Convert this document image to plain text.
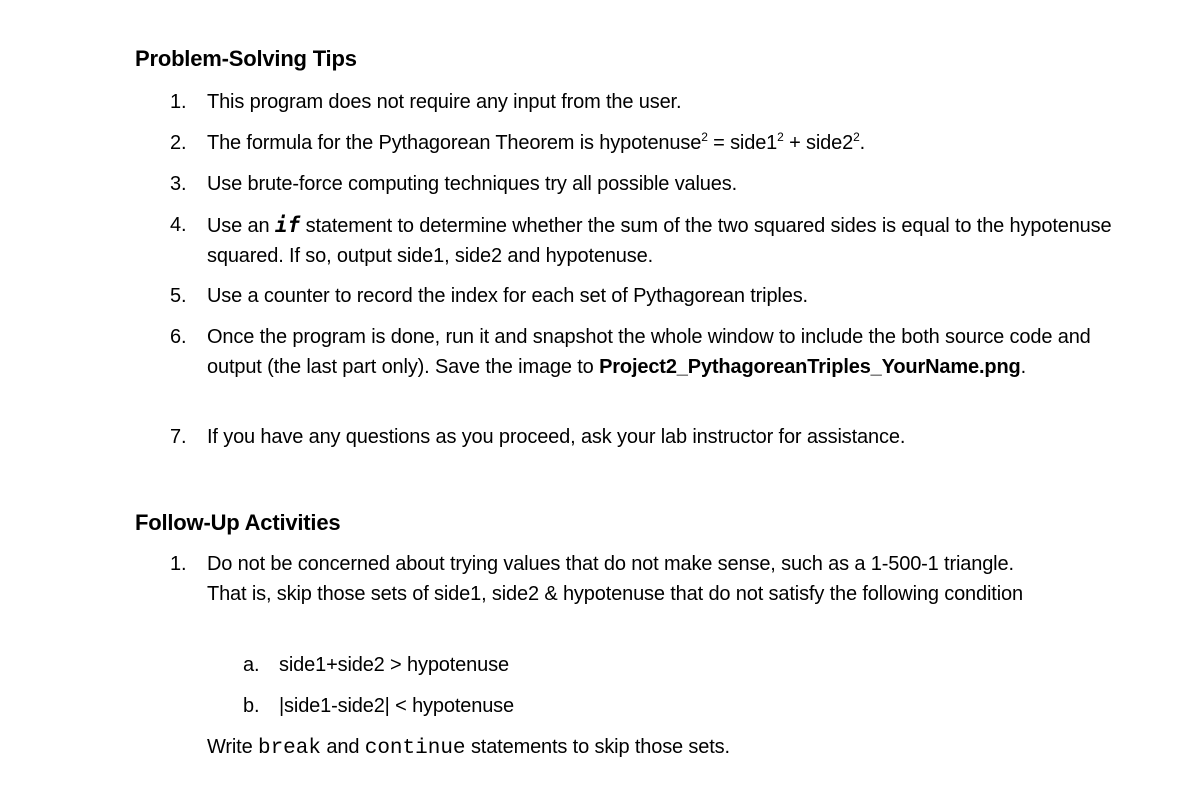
Problem-Solving Tips
1. This program does not require any input from the user.
2. The formula for the Pythagorean Theorem is hypotenuse$^2$ = $side1^2$ + $side2^2$.
3. Use brute-force computing techniques try all possible values.
4. Use an if statement to determine whether the sum of the two squared sides is equal to the hypotenuse squared. If so, output side1, side2 and hypotenuse.
5. Use a counter to record the index for each set of Pythagorean triples.
6. Once the program is done, run it and snapshot the whole window to include the both source code and output (the last part only). Save the image to Project2_PythagoreanTriples_YourName.png.
7. If you have any questions as you proceed, ask your lab instructor for assistance.
Follow-Up Activities
1. Do not be concerned about trying values that do not make sense, such as a 1-500-1 triangle. That is, skip those sets of side1, side2 & hypotenuse that do not satisfy the following condition
a. side1+side2 > hypotenuse
b. |side1-side2| < hypotenuse
Write break and continue statements to skip those sets.
